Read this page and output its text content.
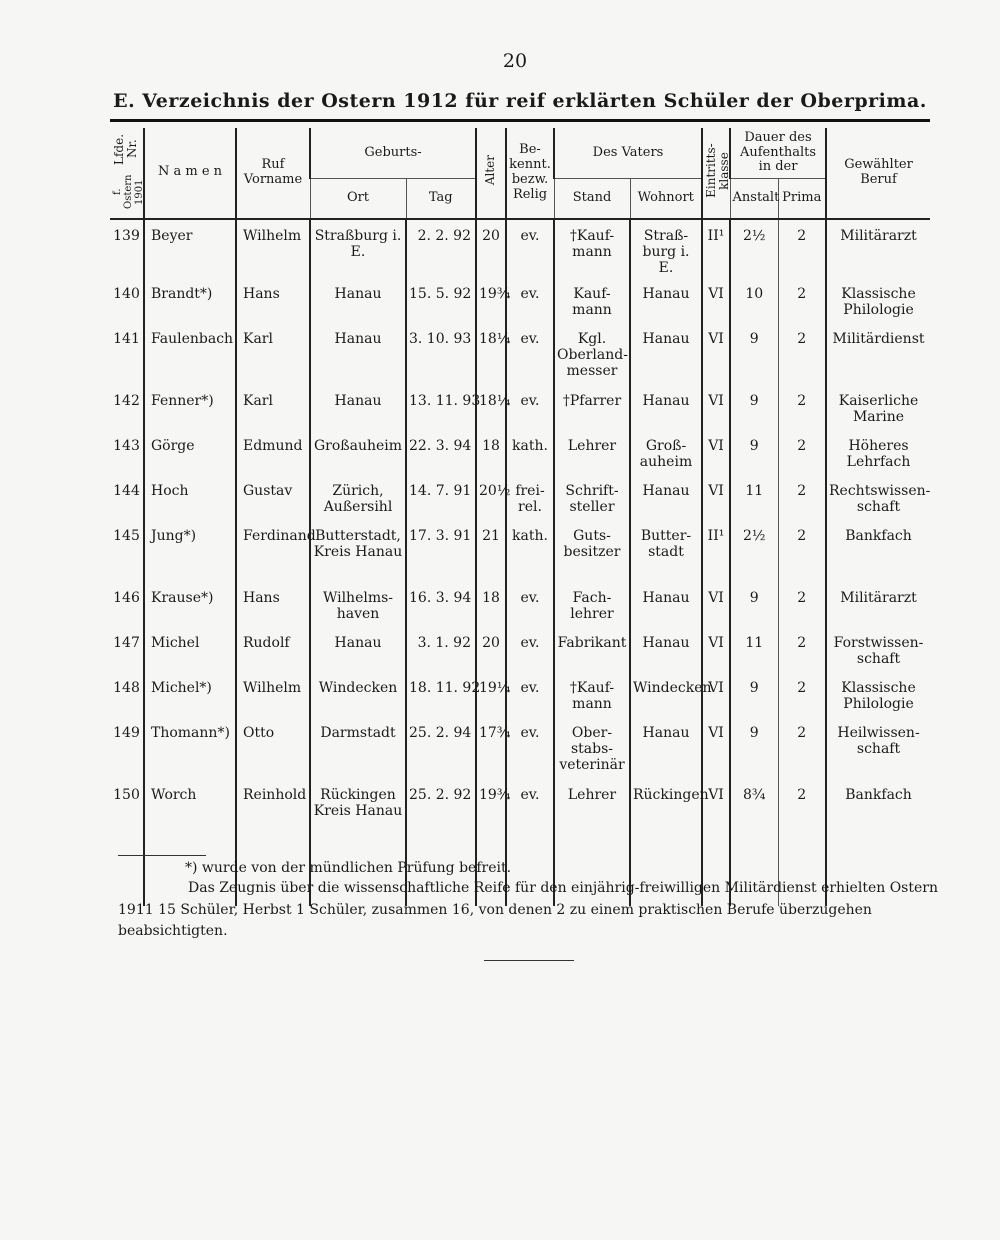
20
E. Verzeichnis der Ostern 1912 für reif erklärten Schüler der Oberprima.
Lfde. Nr.f. Ostern 1901	N a m e n	Ruf Vorname	Geburts-		Alter	Be- kennt. bezw. Relig	Des Vaters		Eintritts- klasse	Dauer des Aufenthalts in der		Gewählter Beruf
			Ort	Tag			Stand	Wohnort		Anstalt	Prima	
139	Beyer	Wilhelm	Straßburg i. E.	2. 2. 92	20	ev.	†Kauf- mann	Straß- burg i. E.	II¹	2½	2	Militärarzt
140	Brandt*)	Hans	Hanau	15. 5. 92	19¾	ev.	Kauf- mann	Hanau	VI	10	2	Klassische Philologie
141	Faulenbach	Karl	Hanau	3. 10. 93	18¼	ev.	Kgl. Oberland- messer	Hanau	VI	9	2	Militärdienst
142	Fenner*)	Karl	Hanau	13. 11. 93	18¼	ev.	†Pfarrer	Hanau	VI	9	2	Kaiserliche Marine
143	Görge	Edmund	Großauheim	22. 3. 94	18	kath.	Lehrer	Groß- auheim	VI	9	2	Höheres Lehrfach
144	Hoch	Gustav	Zürich, Außersihl	14. 7. 91	20½	frei- rel.	Schrift- steller	Hanau	VI	11	2	Rechtswissen- schaft
145	Jung*)	Ferdinand	Butterstadt, Kreis Hanau	17. 3. 91	21	kath.	Guts- besitzer	Butter- stadt	II¹	2½	2	Bankfach
146	Krause*)	Hans	Wilhelms- haven	16. 3. 94	18	ev.	Fach- lehrer	Hanau	VI	9	2	Militärarzt
147	Michel	Rudolf	Hanau	3. 1. 92	20	ev.	Fabrikant	Hanau	VI	11	2	Forstwissen- schaft
148	Michel*)	Wilhelm	Windecken	18. 11. 92	19¼	ev.	†Kauf- mann	Windecken	VI	9	2	Klassische Philologie
149	Thomann*)	Otto	Darmstadt	25. 2. 94	17¾	ev.	Ober- stabs- veterinär	Hanau	VI	9	2	Heilwissen- schaft
150	Worch	Reinhold	Rückingen Kreis Hanau	25. 2. 92	19¾	ev.	Lehrer	Rückingen	VI	8¾	2	Bankfach

*) wurde von der mündlichen Prüfung befreit.
Das Zeugnis über die wissenschaftliche Reife für den einjährig-freiwilligen Militärdienst erhielten Ostern 1911 15 Schüler, Herbst 1 Schüler, zusammen 16, von denen 2 zu einem praktischen Berufe überzugehen beabsichtigten.
